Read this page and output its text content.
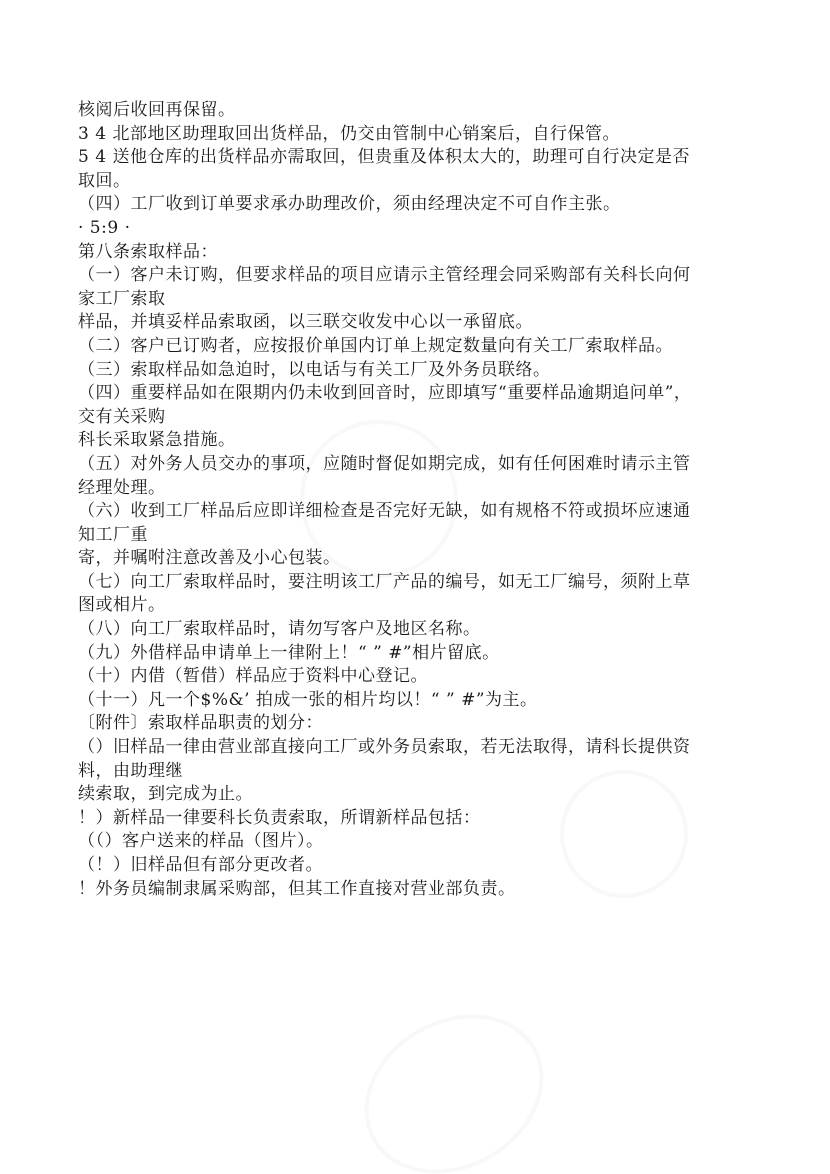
核阅后收回再保留。
3 4 北部地区助理取回出货样品，仍交由管制中心销案后，自行保管。
5 4 送他仓库的出货样品亦需取回，但贵重及体积太大的，助理可自行决定是否
取回。
（四）工厂收到订单要求承办助理改价，须由经理决定不可自作主张。
· 5:9 ·
第八条索取样品：
（一）客户未订购，但要求样品的项目应请示主管经理会同采购部有关科长向何
家工厂索取
样品，并填妥样品索取函，以三联交收发中心以一承留底。
（二）客户已订购者，应按报价单国内订单上规定数量向有关工厂索取样品。
（三）索取样品如急迫时，以电话与有关工厂及外务员联络。
（四）重要样品如在限期内仍未收到回音时，应即填写“重要样品逾期追问单”，
交有关采购
科长采取紧急措施。
（五）对外务人员交办的事项，应随时督促如期完成，如有任何困难时请示主管
经理处理。
（六）收到工厂样品后应即详细检查是否完好无缺，如有规格不符或损坏应速通
知工厂重
寄，并嘱咐注意改善及小心包装。
（七）向工厂索取样品时，要注明该工厂产品的编号，如无工厂编号，须附上草
图或相片。
（八）向工厂索取样品时，请勿写客户及地区名称。
（九）外借样品申请单上一律附上！“ ” #”相片留底。
（十）内借（暂借）样品应于资料中心登记。
（十一）凡一个$%&’ 拍成一张的相片均以！“ ” #”为主。
〔附件〕索取样品职责的划分：
（）旧样品一律由营业部直接向工厂或外务员索取，若无法取得，请科长提供资
料，由助理继
续索取，到完成为止。
！）新样品一律要科长负责索取，所谓新样品包括：
（（）客户送来的样品（图片）。
（！）旧样品但有部分更改者。
！外务员编制隶属采购部，但其工作直接对营业部负责。
